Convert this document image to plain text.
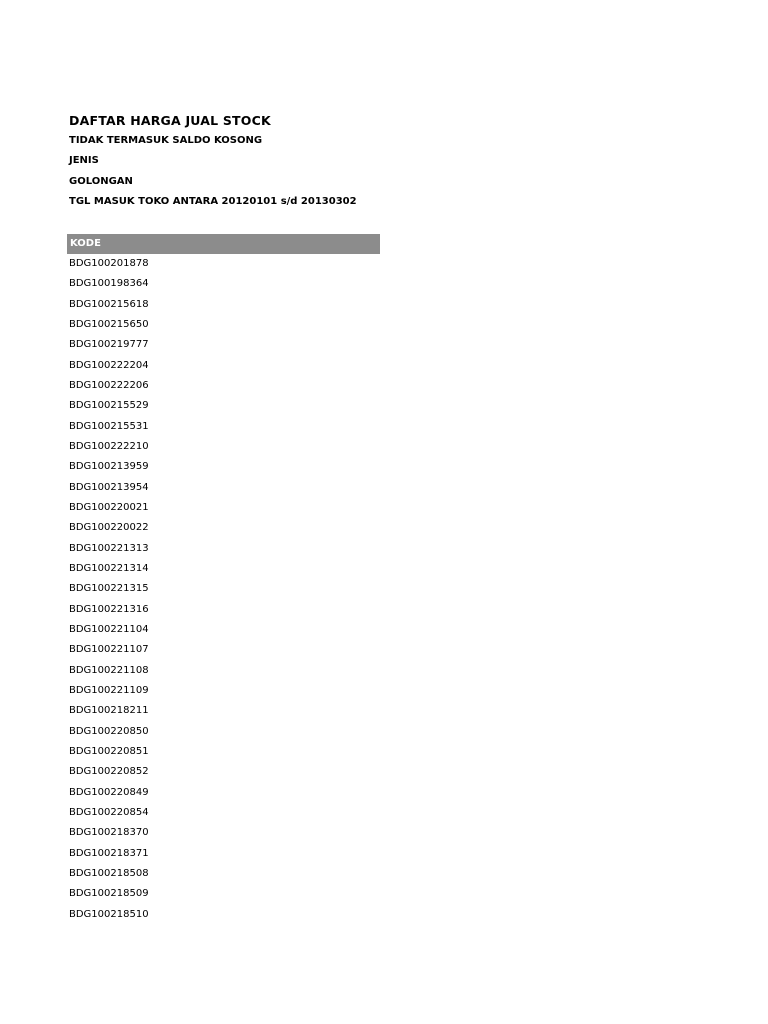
DAFTAR HARGA JUAL STOCK
TIDAK TERMASUK SALDO KOSONG
JENIS
GOLONGAN
TGL MASUK TOKO ANTARA 20120101 s/d 20130302
KODE
BDG100201878
BDG100198364
BDG100215618
BDG100215650
BDG100219777
BDG100222204
BDG100222206
BDG100215529
BDG100215531
BDG100222210
BDG100213959
BDG100213954
BDG100220021
BDG100220022
BDG100221313
BDG100221314
BDG100221315
BDG100221316
BDG100221104
BDG100221107
BDG100221108
BDG100221109
BDG100218211
BDG100220850
BDG100220851
BDG100220852
BDG100220849
BDG100220854
BDG100218370
BDG100218371
BDG100218508
BDG100218509
BDG100218510
